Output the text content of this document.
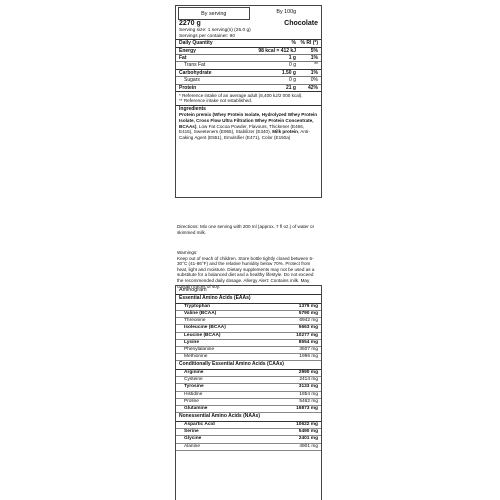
By serving	By 100g
2270 g	Chocolate
Serving size: 1 serving(s) (25.0 g)
Servings per container: 90
Daily Quantity	% % RI (*)
Energy	98 kcal = 412 kJ	5%
Fat	1 g	1%
Trans Fat	0 g	**
Carbohydrate	1.50 g	1%
Sugars	0 g	0%
Protein	21 g	42%
* Reference intake of an average adult (8,400 kJ/2 000 kcal).
** Reference intake not established.
Ingredients
Protein premix (Whey Protein Isolate, Hydrolyzed Whey Protein Isolate, Cross Flow Ultra Filtration Whey Protein Concentrate, BCAAs), Low Fat Cocoa Powder, Flavours, Thickener (E466, E415), Sweeteners (E955), Stabilizer (E340), Milk protein, Anti-Caking Agent (E551), Emulsifier (E471), Color (E150a)
Directions: Mix one serving with 200 ml (approx. 7 fl oz.) of water or skimmed milk.
Warnings:
Keep out of reach of children. Store bottle tightly closed between 5-30°C (41-86°F) and the relative humidity below 70%. Protect from heat, light and moisture. Dietary supplements may not be used as a substitute for a balanced diet and a healthy lifestyle. Do not exceed the recommended daily dosage. Allergy Alert: Contains milk. May contain traces of soy.
Aminogram
Essential Amino Acids (EAAs)
Tryptophan	1379 mg
Valine (BCAA)	5790 mg
Threonine	6942 mg
Isoleucine (BCAA)	5663 mg
Leucine (BCAA)	10277 mg
Lysine	8554 mg
Phenylalanine	3507 mg
Methionine	1996 mg
Conditionally Essential Amino Acids (CAAs)
Arginine	2990 mg
Cysteine	2414 mg
Tyrosine	3133 mg
Histidine	1854 mg
Proline	5462 mg
Glutamine	16873 mg
Nonessential Amino Acids (NAAs)
Aspartic Acid	10622 mg
Serine	5490 mg
Glycine	2401 mg
Alanine	4901 mg
